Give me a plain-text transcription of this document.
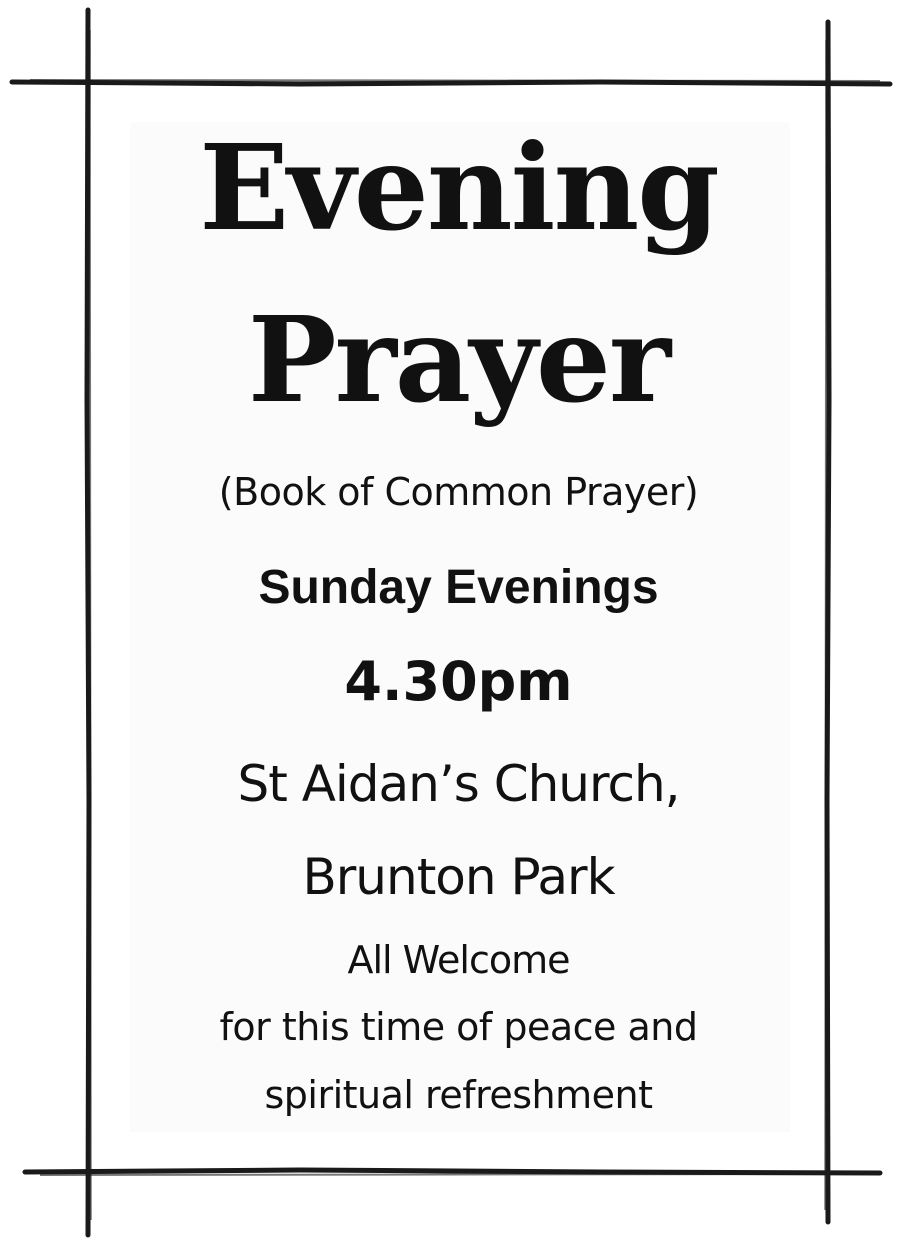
Evening
Prayer
(Book of Common Prayer)
Sunday Evenings
4.30pm
St Aidan’s Church,
Brunton Park
All Welcome
for this time of peace and
spiritual refreshment
